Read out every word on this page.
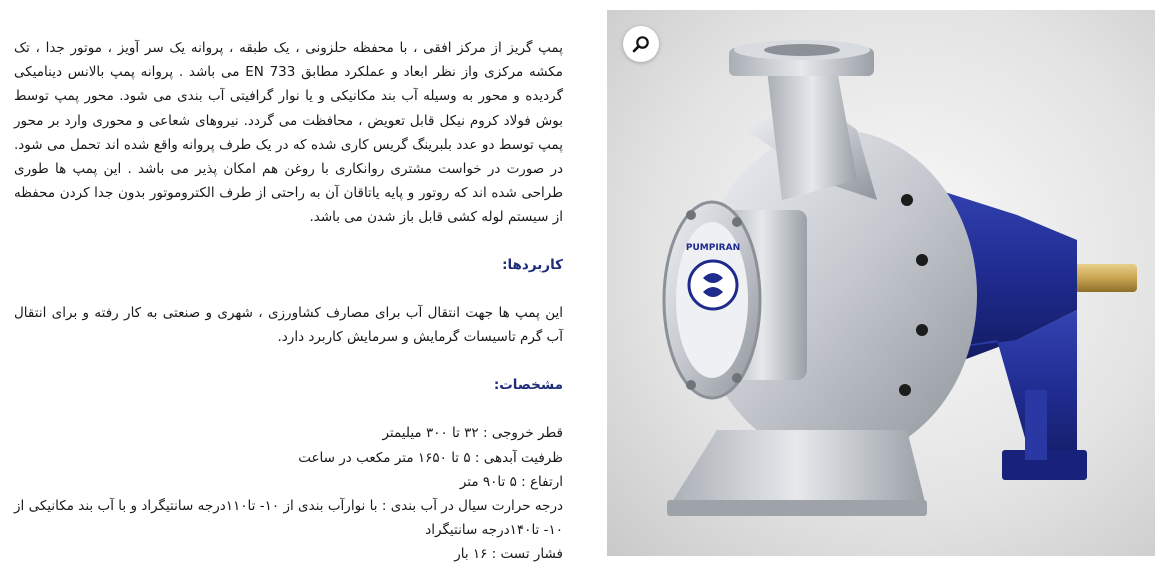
پمپ گریز از مرکز افقی ، با محفظه حلزونی ، یک طبقه ، پروانه یک سر آویز ، موتور جدا ، تک مکشه مرکزی واز نظر ابعاد و عملکرد مطابق EN 733 می باشد . پروانه پمپ بالانس دینامیکی گردیده و محور به وسیله آب بند مکانیکی و یا نوار گرافیتی آب بندی می شود. محور پمپ توسط بوش فولاد کروم نیکل قابل تعویض ، محافظت می گردد. نیروهای شعاعی و محوری وارد بر محور پمپ توسط دو عدد بلبرینگ گریس کاری شده که در یک طرف پروانه واقع شده اند تحمل می شود. در صورت در خواست مشتری روانکاری با روغن هم امکان پذیر می باشد . این پمپ ها طوری طراحی شده اند که روتور و پایه یاتاقان آن به راحتی از طرف الکتروموتور بدون جدا کردن محفظه از سیستم لوله کشی قابل باز شدن می باشد.

کاربردها:

این پمپ ها جهت انتقال آب برای مصارف کشاورزی ، شهری و صنعتی به کار رفته و برای انتقال آب گرم تاسیسات گرمایش و سرمایش کاربرد دارد.

مشخصات:

قطر خروجی : ۳۲ تا ۳۰۰ میلیمتر
ظرفیت آبدهی : ۵ تا ۱۶۵۰ متر مکعب در ساعت
ارتفاع : ۵ تا۹۰ متر
درجه حرارت سیال در آب بندی : با نوارآب بندی از ۱۰- تا۱۱۰درجه سانتیگراد و با آب بند مکانیکی از ۱۰- تا۱۴۰درجه سانتیگراد
فشار تست : ۱۶ بار
PUMPIRAN
